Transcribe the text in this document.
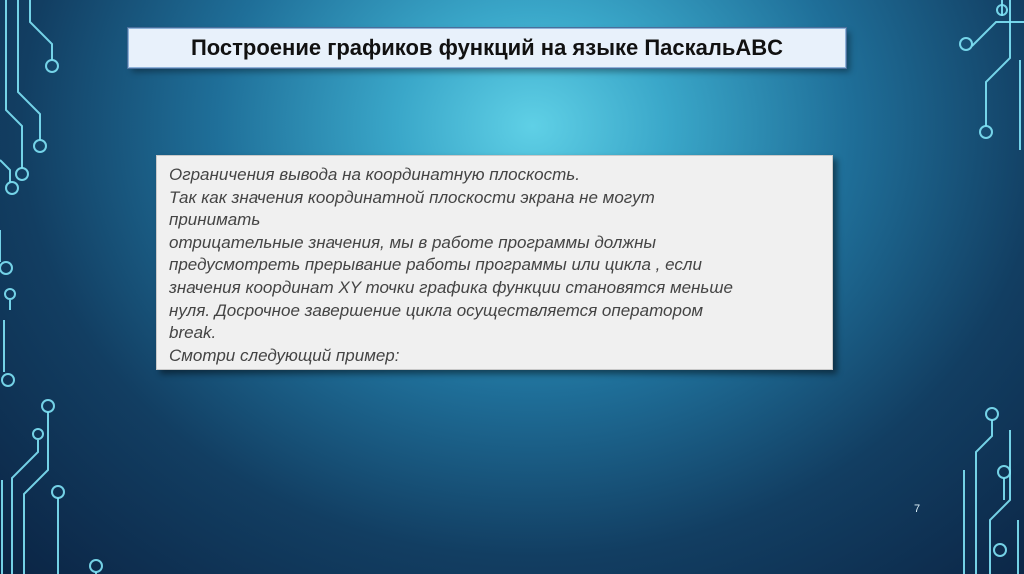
Построение графиков функций на языке ПаскальABC
Ограничения вывода на координатную плоскость.
Так как значения координатной плоскости экрана не могут
принимать
отрицательные значения, мы в работе программы должны
предусмотреть прерывание работы программы или цикла , если
значения координат XY точки графика функции становятся меньше
нуля. Досрочное завершение цикла осуществляется оператором
break.
Смотри следующий пример:
7
